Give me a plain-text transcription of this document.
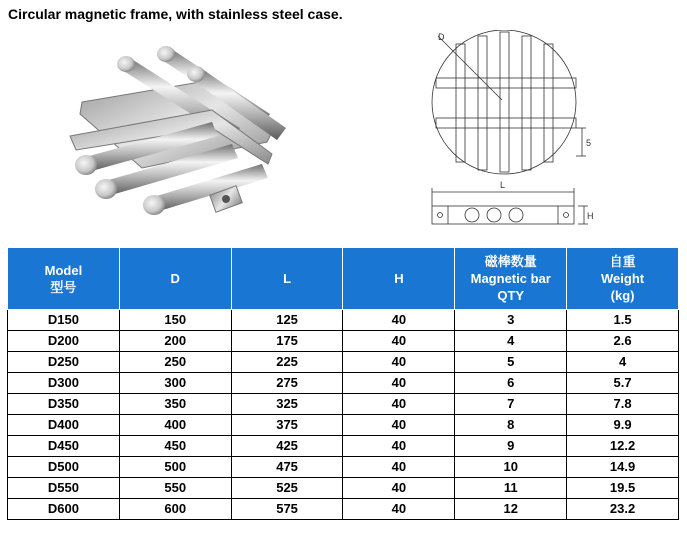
Circular magnetic frame, with stainless steel case.
D
L
5
H
Model
型号	D	L	H	磁棒数量
Magnetic bar
QTY	自重
Weight
(kg)

D150	150	125	40	3	1.5
D200	200	175	40	4	2.6
D250	250	225	40	5	4
D300	300	275	40	6	5.7
D350	350	325	40	7	7.8
D400	400	375	40	8	9.9
D450	450	425	40	9	12.2
D500	500	475	40	10	14.9
D550	550	525	40	11	19.5
D600	600	575	40	12	23.2
